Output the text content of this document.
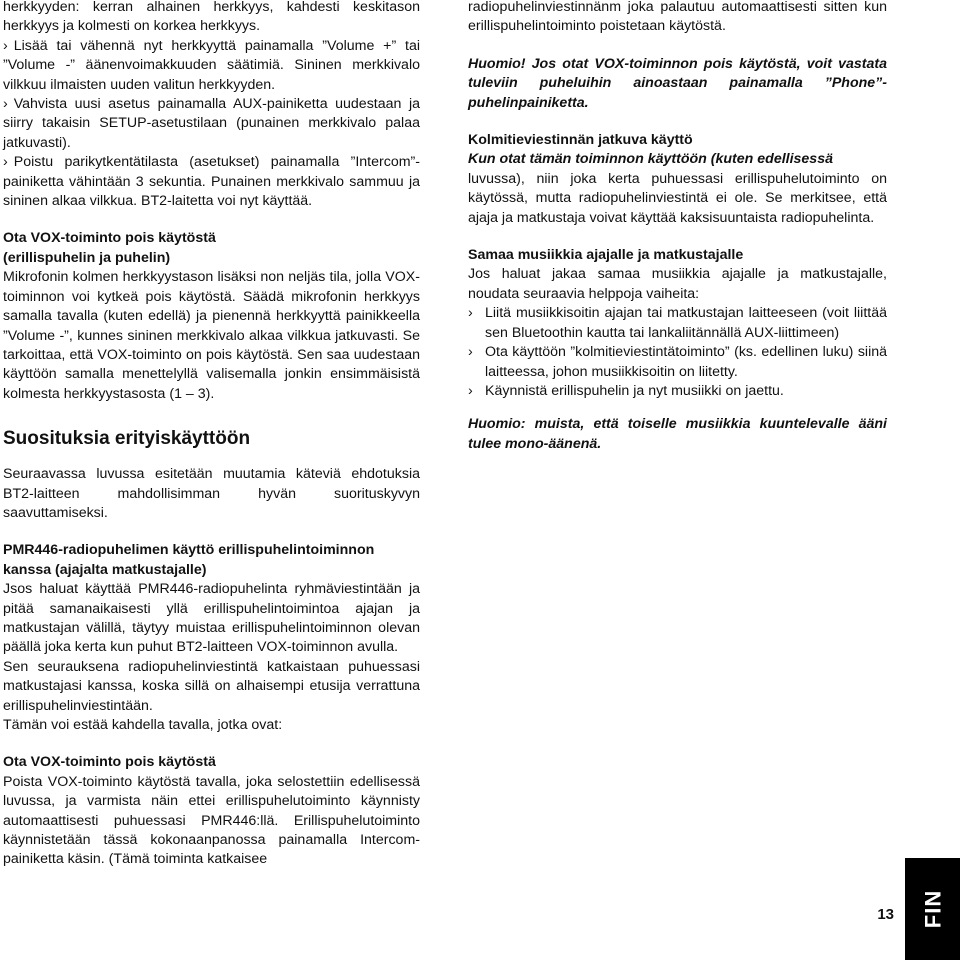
herkkyyden: kerran alhainen herkkyys, kahdesti keskitason herkkyys ja kolmesti on korkea herkkyys.

› Lisää tai vähennä nyt herkkyyttä painamalla ”Volume +” tai ”Volume -” äänenvoimakkuuden säätimiä. Sininen merkkivalo vilkkuu ilmaisten uuden valitun herkkyyden.

› Vahvista uusi asetus painamalla AUX-painiketta uudestaan ja siirry takaisin SETUP-asetustilaan (punainen merkkivalo palaa jatkuvasti).

› Poistu parikytkentätilasta (asetukset) painamalla ”Intercom”-painiketta vähintään 3 sekuntia. Punainen merkkivalo sammuu ja sininen alkaa vilkkua. BT2-laitetta voi nyt käyttää.

Ota VOX-toiminto pois käytöstä
(erillispuhelin ja puhelin)

Mikrofonin kolmen herkkyystason lisäksi non neljäs tila, jolla VOX-toiminnon voi kytkeä pois käytöstä. Säädä mikrofonin herkkyys samalla tavalla (kuten edellä) ja pienennä herkkyyttä painikkeella ”Volume -”, kunnes sininen merkkivalo alkaa vilkkua jatkuvasti. Se tarkoittaa, että VOX-toiminto on pois käytöstä. Sen saa uudestaan käyttöön samalla menettelyllä valisemalla jonkin ensimmäisistä kolmesta herkkyystasosta (1 – 3).

Suosituksia erityiskäyttöön

Seuraavassa luvussa esitetään muutamia käteviä ehdotuksia BT2-laitteen mahdollisimman hyvän suorituskyvyn saavuttamiseksi.

PMR446-radiopuhelimen käyttö erillispuhelintoiminnon kanssa (ajajalta matkustajalle)

Jsos haluat käyttää PMR446-radiopuhelinta ryhmäviestintään ja pitää samanaikaisesti yllä erillispuhelintoimintoa ajajan ja matkustajan välillä, täytyy muistaa erillispuhelintoiminnon olevan päällä joka kerta kun puhut BT2-laitteen VOX-toiminnon avulla.

Sen seurauksena radiopuhelinviestintä katkaistaan puhuessasi matkustajasi kanssa, koska sillä on alhaisempi etusija verrattuna erillispuhelinviestintään.

Tämän voi estää kahdella tavalla, jotka ovat:

Ota VOX-toiminto pois käytöstä

Poista VOX-toiminto käytöstä tavalla, joka selostettiin edellisessä luvussa, ja varmista näin ettei erillispuhelutoiminto käynnisty automaattisesti puhuessasi PMR446:llä. Erillispuhelutoiminto käynnistetään tässä kokonaanpanossa painamalla Intercom-painiketta käsin. (Tämä toiminta katkaisee

radiopuhelinviestinnänm joka palautuu automaattisesti sitten kun erillispuhelintoiminto poistetaan käytöstä.

Huomio! Jos otat VOX-toiminnon pois käytöstä, voit vastata tuleviin puheluihin ainoastaan painamalla ”Phone”-puhelinpainiketta.

Kolmitieviestinnän jatkuva käyttö

Kun otat tämän toiminnon käyttöön (kuten edellisessä

luvussa), niin joka kerta puhuessasi erillispuhelutoiminto on käytössä, mutta radiopuhelinviestintä ei ole. Se merkitsee, että ajaja ja matkustaja voivat käyttää kaksisuuntaista radiopuhelinta.

Samaa musiikkia ajajalle ja matkustajalle

Jos haluat jakaa samaa musiikkia ajajalle ja matkustajalle, noudata seuraavia helppoja vaiheita:

› Liitä musiikkisoitin ajajan tai matkustajan laitteeseen (voit liittää sen Bluetoothin kautta tai lankaliitännällä AUX-liittimeen)

› Ota käyttöön ”kolmitieviestintätoiminto” (ks. edellinen luku) siinä laitteessa, johon musiikkisoitin on liitetty.

› Käynnistä erillispuhelin ja nyt musiikki on jaettu.

Huomio: muista, että toiselle musiikkia kuuntelevalle ääni tulee mono-äänenä.

13 FIN
